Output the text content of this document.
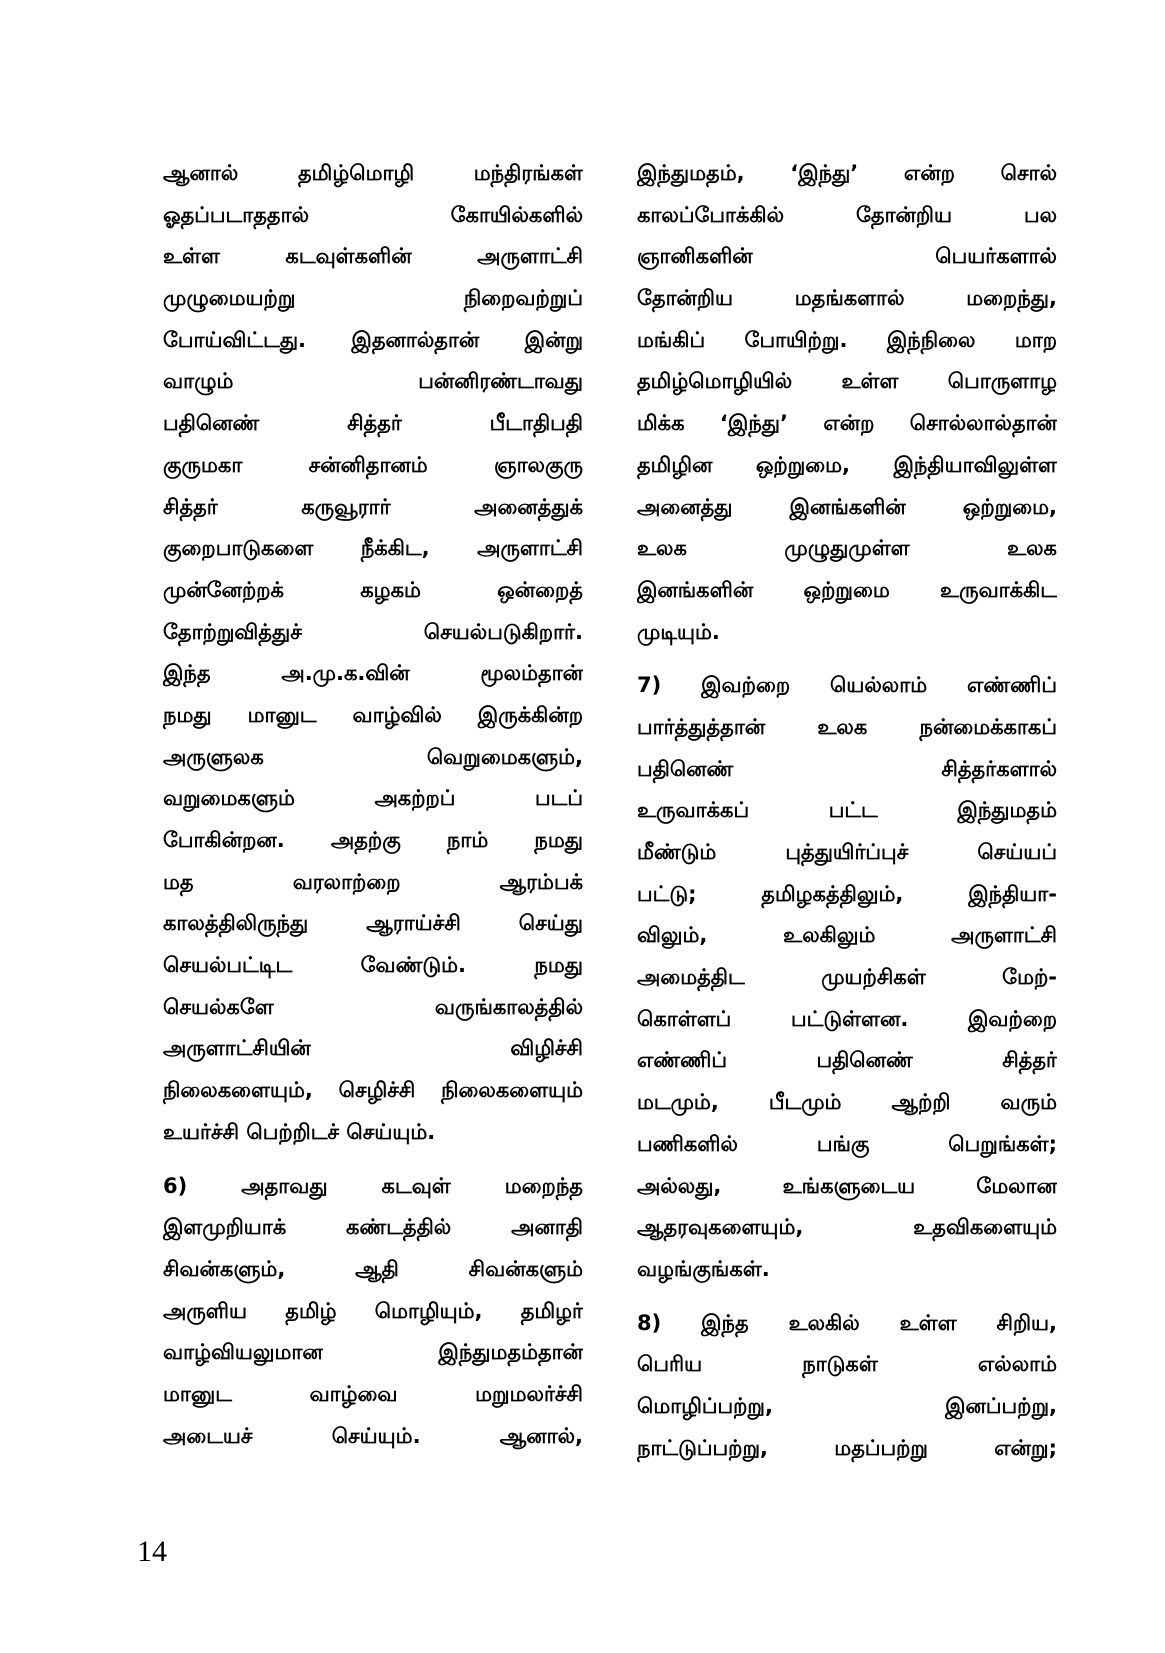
ஆனால் தமிழ்மொழி மந்திரங்கள்
ஓதப்படாததால் கோயில்களில்
உள்ள கடவுள்களின் அருளாட்சி
முழுமையற்று நிறைவற்றுப்
போய்விட்டது. இதனால்தான் இன்று
வாழும் பன்னிரண்டாவது
பதினெண் சித்தர் பீடாதிபதி
குருமகா சன்னிதானம் ஞாலகுரு
சித்தர் கருவூரார் அனைத்துக்
குறைபாடுகளை நீக்கிட, அருளாட்சி
முன்னேற்றக் கழகம் ஒன்றைத்
தோற்றுவித்துச் செயல்படுகிறார்.
இந்த அ.மு.க.வின் மூலம்தான்
நமது மானுட வாழ்வில் இருக்கின்ற
அருளுலக வெறுமைகளும்,
வறுமைகளும் அகற்றப் படப்
போகின்றன. அதற்கு நாம் நமது
மத வரலாற்றை ஆரம்பக்
காலத்திலிருந்து ஆராய்ச்சி செய்து
செயல்பட்டிட வேண்டும். நமது
செயல்களே வருங்காலத்தில்
அருளாட்சியின் விழிச்சி
நிலைகளையும், செழிச்சி நிலைகளையும்
உயர்ச்சி பெற்றிடச் செய்யும்.
6) அதாவது கடவுள் மறைந்த
இளமுறியாக் கண்டத்தில் அனாதி
சிவன்களும், ஆதி சிவன்களும்
அருளிய தமிழ் மொழியும், தமிழர்
வாழ்வியலுமான இந்துமதம்தான்
மானுட வாழ்வை மறுமலர்ச்சி
அடையச் செய்யும். ஆனால்,
இந்துமதம், ‘இந்து’ என்ற சொல்
காலப்போக்கில் தோன்றிய பல
ஞானிகளின் பெயர்களால்
தோன்றிய மதங்களால் மறைந்து,
மங்கிப் போயிற்று. இந்நிலை மாற
தமிழ்மொழியில் உள்ள பொருளாழ
மிக்க ‘இந்து’ என்ற சொல்லால்தான்
தமிழின ஒற்றுமை, இந்தியாவிலுள்ள
அனைத்து இனங்களின் ஒற்றுமை,
உலக முழுதுமுள்ள உலக
இனங்களின் ஒற்றுமை உருவாக்கிட
முடியும்.
7) இவற்றை யெல்லாம் எண்ணிப்
பார்த்துத்தான் உலக நன்மைக்காகப்
பதினெண் சித்தர்களால்
உருவாக்கப் பட்ட இந்துமதம்
மீண்டும் புத்துயிர்ப்புச் செய்யப்
பட்டு; தமிழகத்திலும், இந்தியா-
விலும், உலகிலும் அருளாட்சி
அமைத்திட முயற்சிகள் மேற்-
கொள்ளப் பட்டுள்ளன. இவற்றை
எண்ணிப் பதினெண் சித்தர்
மடமும், பீடமும் ஆற்றி வரும்
பணிகளில் பங்கு பெறுங்கள்;
அல்லது, உங்களுடைய மேலான
ஆதரவுகளையும், உதவிகளையும்
வழங்குங்கள்.
8) இந்த உலகில் உள்ள சிறிய,
பெரிய நாடுகள் எல்லாம்
மொழிப்பற்று, இனப்பற்று,
நாட்டுப்பற்று, மதப்பற்று என்று;
14
